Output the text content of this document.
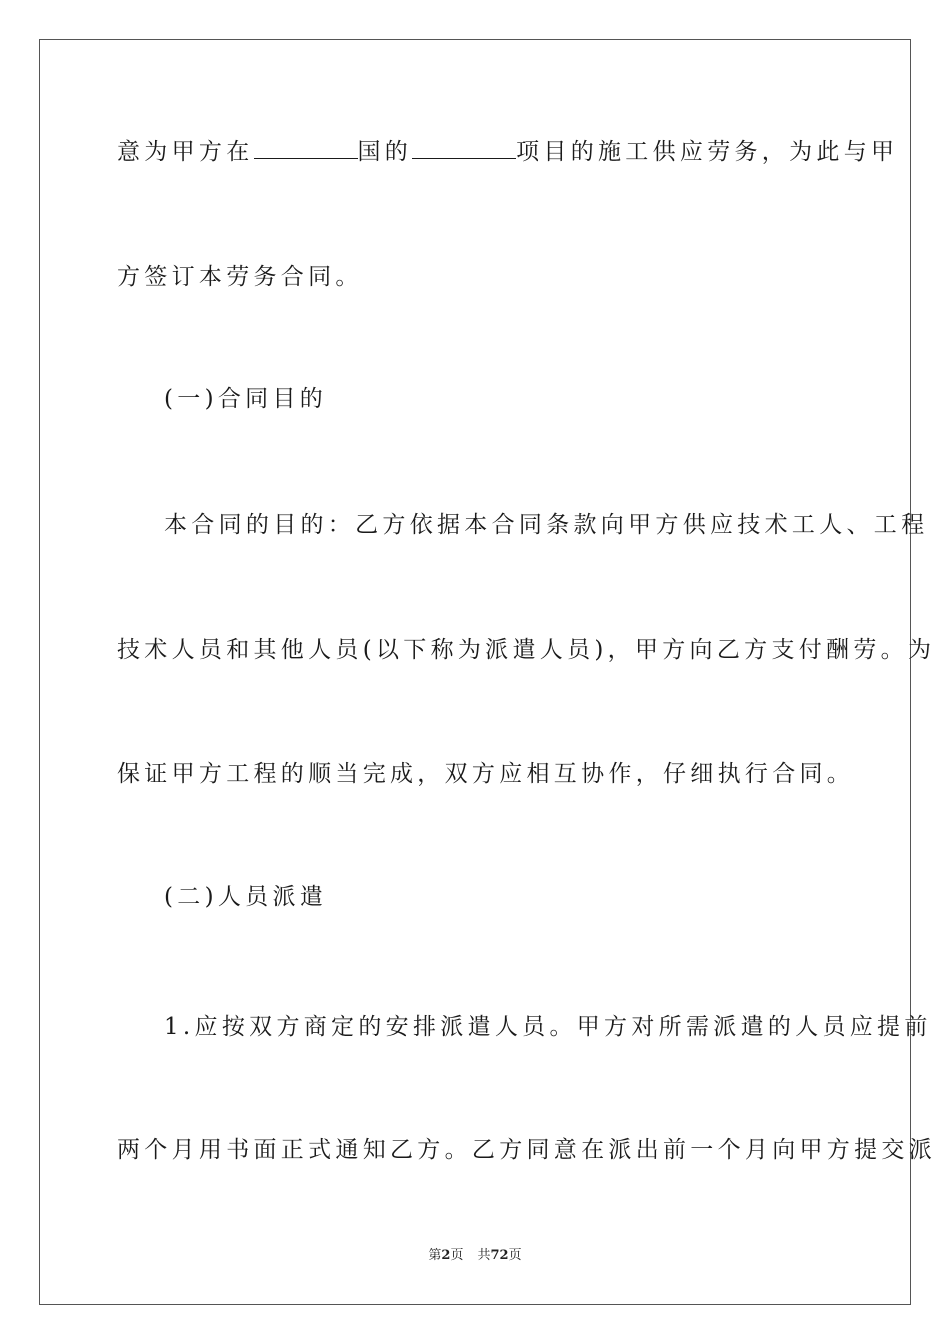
意为甲方在	国的	项目的施工供应劳务，为此与甲
方签订本劳务合同。
(一)合同目的
本合同的目的：乙方依据本合同条款向甲方供应技术工人、工程
技术人员和其他人员(以下称为派遣人员)，甲方向乙方支付酬劳。为
保证甲方工程的顺当完成，双方应相互协作，仔细执行合同。
(二)人员派遣
1.应按双方商定的安排派遣人员。甲方对所需派遣的人员应提前
两个月用书面正式通知乙方。乙方同意在派出前一个月向甲方提交派
第2页 共72页
